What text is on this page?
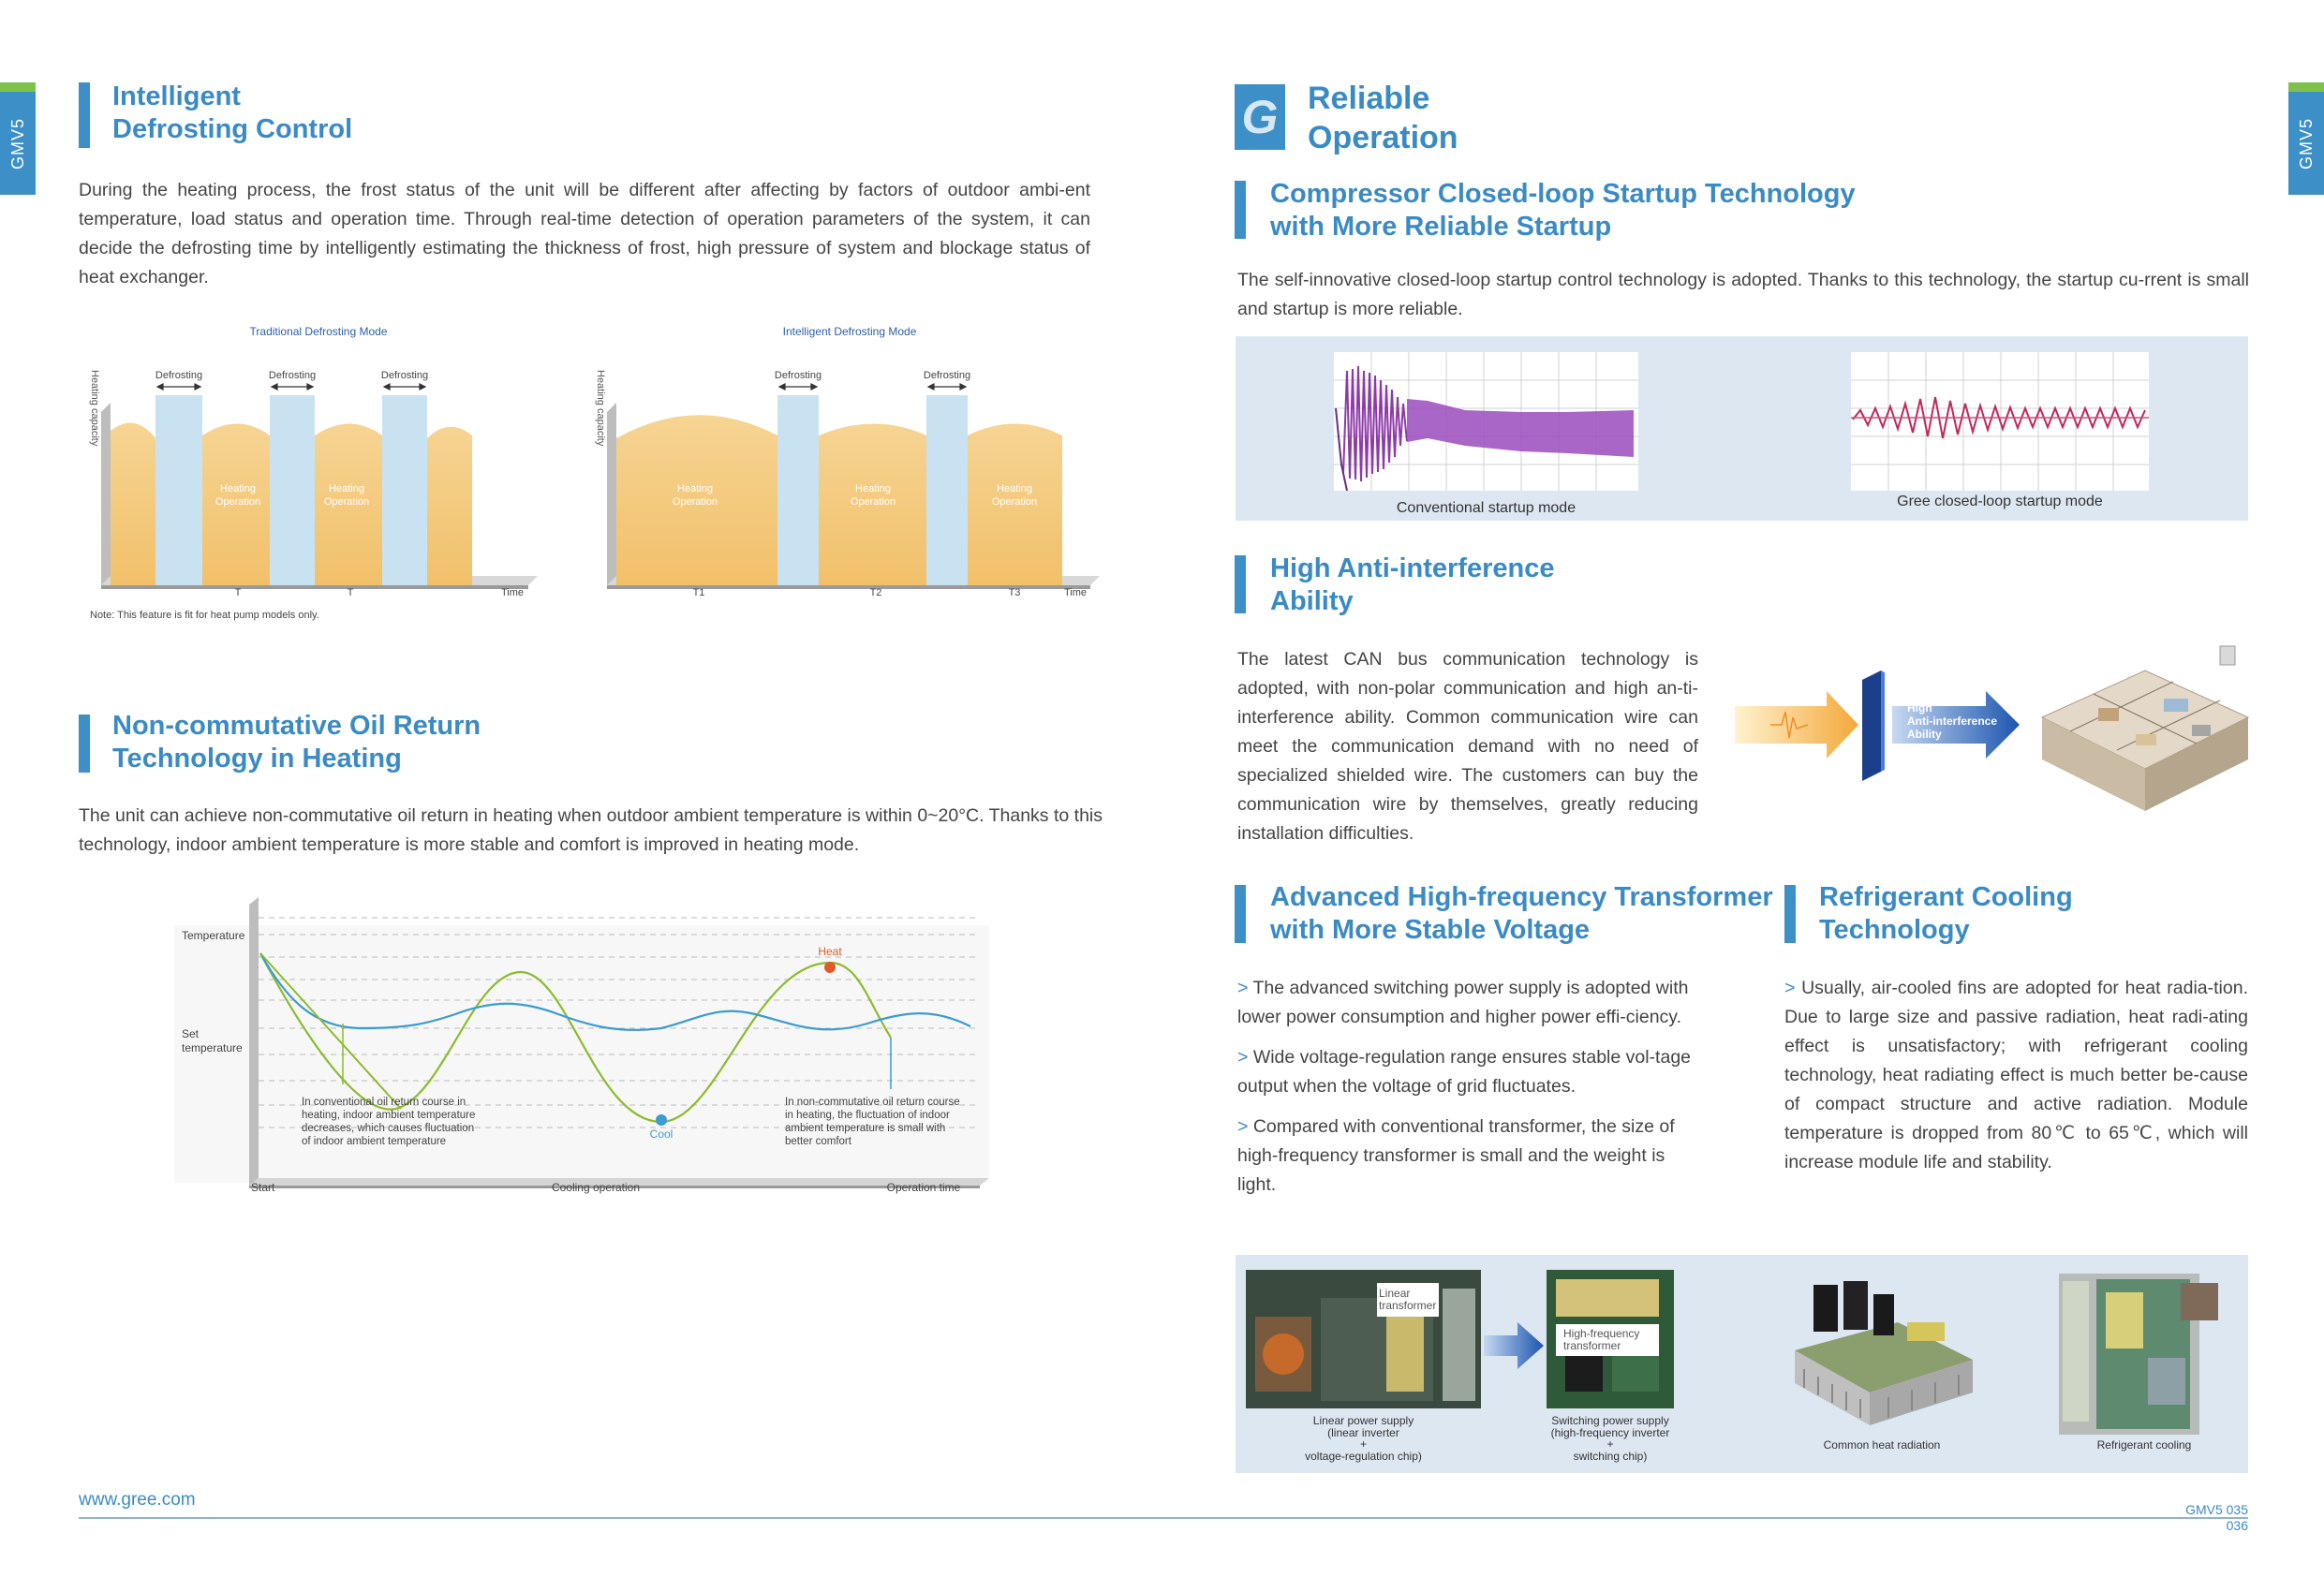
GMV5	GMV5
Intelligent
Defrosting Control

During the heating process, the frost status of the unit will be different after affecting by factors of outdoor ambi-ent temperature, load status and operation time. Through real-time detection of operation parameters of the system, it can decide the defrosting time by intelligently estimating the thickness of frost, high pressure of system and blockage status of heat exchanger.

Traditional Defrosting Mode
Heating capacity	Defrosting	Defrosting	Defrosting
Heating
Operation
Heating
Operation
T	T	Time
Intelligent Defrosting Mode
Heating capacity	Defrosting	Defrosting
Heating
Operation
Heating
Operation
Heating
Operation
T1	T2	T3	Time
Note: This feature is fit for heat pump models only.
Non-commutative Oil Return
Technology in Heating

The unit can achieve non-commutative oil return in heating when outdoor ambient temperature is within 0~20°C. Thanks to this technology, indoor ambient temperature is more stable and comfort is improved in heating mode.

Heat
Cool
Temperature
Set
temperature
In conventional oil return course in
heating, indoor ambient temperature
decreases, which causes fluctuation
of indoor ambient temperature
In non-commutative oil return course
in heating, the fluctuation of indoor
ambient temperature is small with
better comfort
Start	Cooling operation	Operation time
www.gree.com
G Reliable
Operation
Compressor Closed-loop Startup Technology
with More Reliable Startup

The self-innovative closed-loop startup control technology is adopted. Thanks to this technology, the startup cu-rrent is small and startup is more reliable.

Conventional startup mode	Gree closed-loop startup mode
High Anti-interference
Ability

The latest CAN bus communication technology is adopted, with non-polar communication and high an-ti-interference ability. Common communication wire can meet the communication demand with no need of specialized shielded wire. The customers can buy the communication wire by themselves, greatly reducing installation difficulties.

High
Anti-interference
Ability
Advanced High-frequency Transformer
with More Stable Voltage

> The advanced switching power supply is adopted with lower power consumption and higher power effi-ciency.

> Wide voltage-regulation range ensures stable vol-tage output when the voltage of grid fluctuates.

> Compared with conventional transformer, the size of high-frequency transformer is small and the weight is light.

Refrigerant Cooling
Technology

> Usually, air-cooled fins are adopted for heat radia-tion. Due to large size and passive radiation, heat radi-ating effect is unsatisfactory; with refrigerant cooling technology, heat radiating effect is much better be-cause of compact structure and active radiation. Module temperature is dropped from 80℃ to 65℃, which will increase module life and stability.

Linear
transformer
High-frequency
transformer
Linear power supply
(linear inverter
+
voltage-regulation chip)
Switching power supply
(high-frequency inverter
+
switching chip)
Common heat radiation	Refrigerant cooling
GMV5 035
036
